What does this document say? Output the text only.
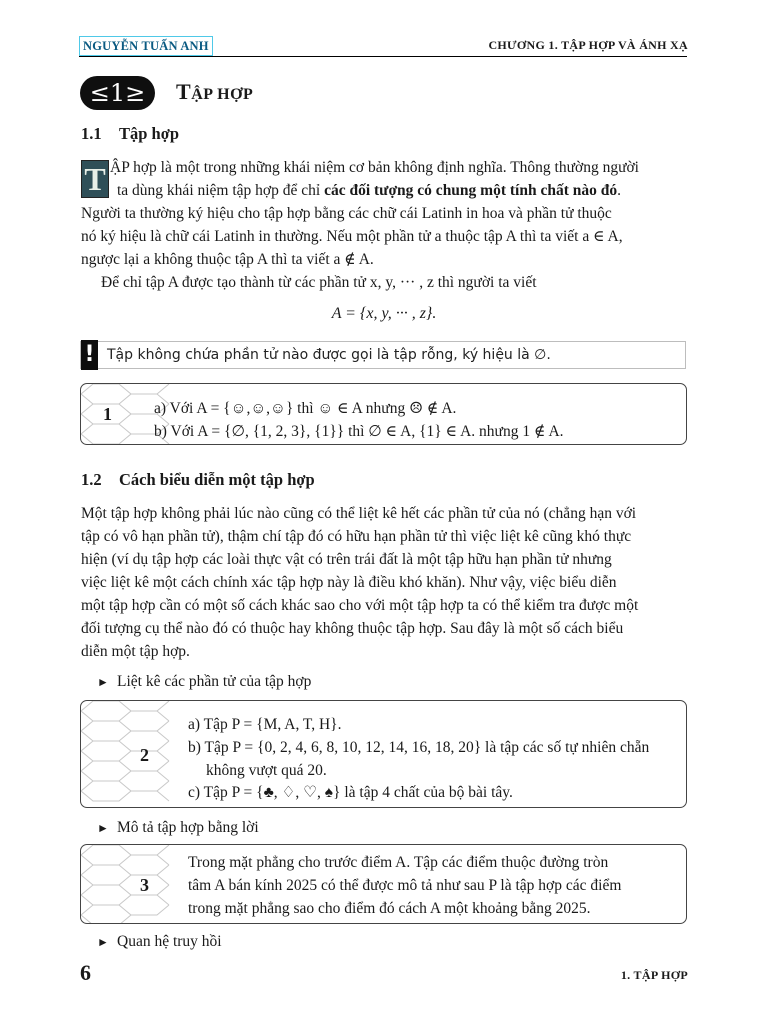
NGUYỄN TUẤN ANH	CHƯƠNG 1. TẬP HỢP VÀ ÁNH XẠ
≤1≥	TẬP HỢP
1.1 Tập hợp
T ẬP hợp là một trong những khái niệm cơ bản không định nghĩa. Thông thường người
ta dùng khái niệm tập hợp để chỉ các đối tượng có chung một tính chất nào đó.
Người ta thường ký hiệu cho tập hợp bằng các chữ cái Latinh in hoa và phần tử thuộc
nó ký hiệu là chữ cái Latinh in thường. Nếu một phần tử a thuộc tập A thì ta viết a ∈ A,
ngược lại a không thuộc tập A thì ta viết a ∉ A.
Để chỉ tập A được tạo thành từ các phần tử x, y, ··· , z thì người ta viết
A = {x, y, ··· , z}.
! Tập không chứa phần tử nào được gọi là tập rỗng, ký hiệu là ∅.
1	a) Với A = {☺,☺,☺} thì ☺ ∈ A nhưng ☹ ∉ A.
b) Với A = {∅, {1, 2, 3}, {1}} thì ∅ ∈ A, {1} ∈ A. nhưng 1 ∉ A.
1.2 Cách biểu diễn một tập hợp
Một tập hợp không phải lúc nào cũng có thể liệt kê hết các phần tử của nó (chẳng hạn với
tập có vô hạn phần tử), thậm chí tập đó có hữu hạn phần tử thì việc liệt kê cũng khó thực
hiện (ví dụ tập hợp các loài thực vật có trên trái đất là một tập hữu hạn phần tử nhưng
việc liệt kê một cách chính xác tập hợp này là điều khó khăn). Như vậy, việc biểu diễn
một tập hợp cần có một số cách khác sao cho với một tập hợp ta có thể kiểm tra được một
đối tượng cụ thể nào đó có thuộc hay không thuộc tập hợp. Sau đây là một số cách biểu
diễn một tập hợp.
► Liệt kê các phần tử của tập hợp
2
a) Tập P = {M, A, T, H}.
b) Tập P = {0, 2, 4, 6, 8, 10, 12, 14, 16, 18, 20} là tập các số tự nhiên chẵn
không vượt quá 20.
c) Tập P = {♣, ♢, ♡, ♠} là tập 4 chất của bộ bài tây.
► Mô tả tập hợp bằng lời
3
Trong mặt phẳng cho trước điểm A. Tập các điểm thuộc đường tròn
tâm A bán kính 2025 có thể được mô tả như sau P là tập hợp các điểm
trong mặt phẳng sao cho điểm đó cách A một khoảng bằng 2025.
► Quan hệ truy hồi
6	1. TẬP HỢP
